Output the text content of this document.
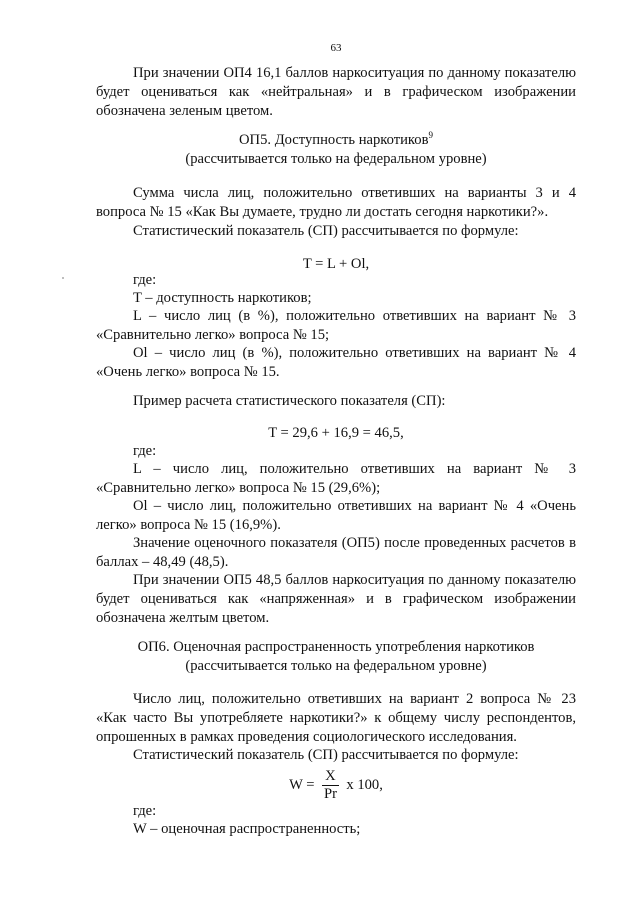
63
При значении ОП4 16,1 баллов наркоситуация по данному показателю будет оцениваться как «нейтральная» и в графическом изображении обозначена зеленым цветом.
ОП5. Доступность наркотиков$^9$
(рассчитывается только на федеральном уровне)
Сумма числа лиц, положительно ответивших на варианты 3 и 4 вопроса № 15 «Как Вы думаете, трудно ли достать сегодня наркотики?».
Статистический показатель (СП) рассчитывается по формуле:
T = L + Ol,
где:
T – доступность наркотиков;
L – число лиц (в %), положительно ответивших на вариант № 3 «Сравнительно легко» вопроса № 15;
Ol – число лиц (в %), положительно ответивших на вариант № 4 «Очень легко» вопроса № 15.
Пример расчета статистического показателя (СП):
T = 29,6 + 16,9 = 46,5,
где:
L – число лиц, положительно ответивших на вариант № 3 «Сравнительно легко» вопроса № 15 (29,6%);
Ol – число лиц, положительно ответивших на вариант № 4 «Очень легко» вопроса № 15 (16,9%).
Значение оценочного показателя (ОП5) после проведенных расчетов в баллах – 48,49 (48,5).
При значении ОП5 48,5 баллов наркоситуация по данному показателю будет оцениваться как «напряженная» и в графическом изображении обозначена желтым цветом.
ОП6. Оценочная распространенность употребления наркотиков
(рассчитывается только на федеральном уровне)
Число лиц, положительно ответивших на вариант 2 вопроса № 23 «Как часто Вы употребляете наркотики?» к общему числу респондентов, опрошенных в рамках проведения социологического исследования.
Статистический показатель (СП) рассчитывается по формуле:
$W = \frac{X}{Pr}$ x 100,
где:
W – оценочная распространенность;
